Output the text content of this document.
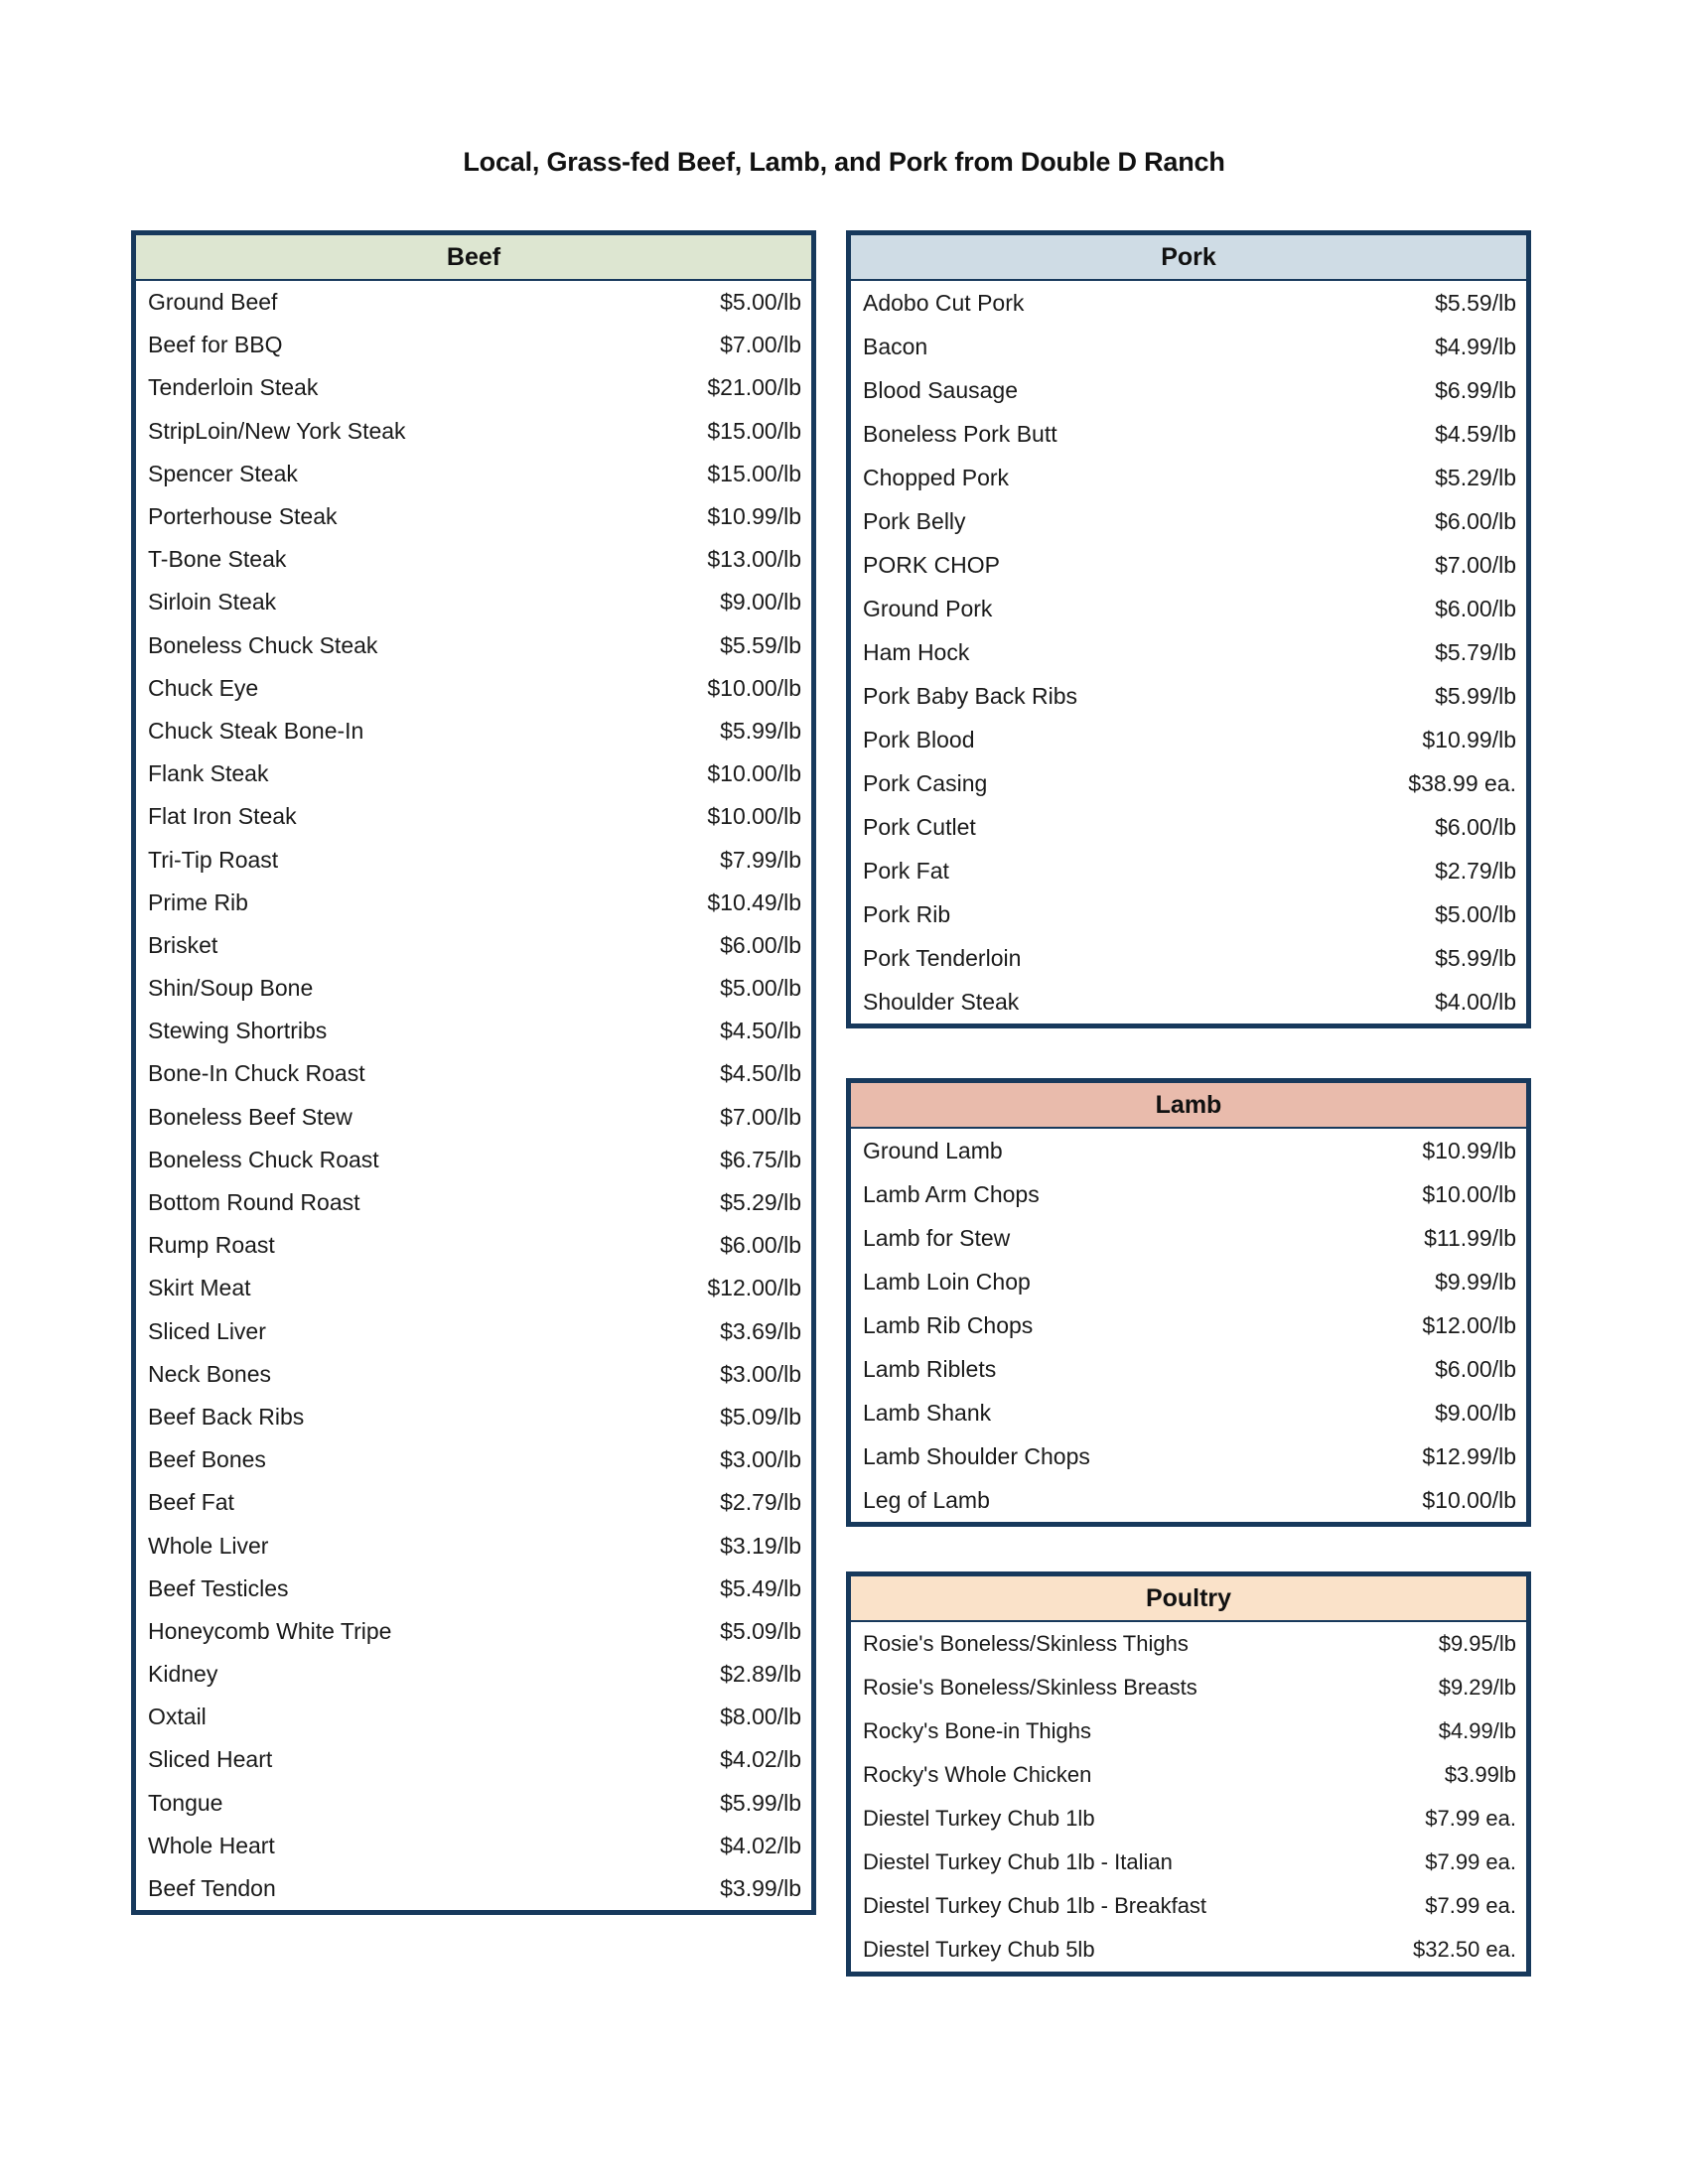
Local, Grass-fed Beef, Lamb, and Pork from Double D Ranch
Beef
Ground Beef	$5.00/lb
Beef for BBQ	$7.00/lb
Tenderloin Steak	$21.00/lb
StripLoin/New York Steak	$15.00/lb
Spencer Steak	$15.00/lb
Porterhouse Steak	$10.99/lb
T-Bone Steak	$13.00/lb
Sirloin Steak	$9.00/lb
Boneless Chuck Steak	$5.59/lb
Chuck Eye	$10.00/lb
Chuck Steak Bone-In	$5.99/lb
Flank Steak	$10.00/lb
Flat Iron Steak	$10.00/lb
Tri-Tip Roast	$7.99/lb
Prime Rib	$10.49/lb
Brisket	$6.00/lb
Shin/Soup Bone	$5.00/lb
Stewing Shortribs	$4.50/lb
Bone-In Chuck Roast	$4.50/lb
Boneless Beef Stew	$7.00/lb
Boneless Chuck Roast	$6.75/lb
Bottom Round Roast	$5.29/lb
Rump Roast	$6.00/lb
Skirt Meat	$12.00/lb
Sliced Liver	$3.69/lb
Neck Bones	$3.00/lb
Beef Back Ribs	$5.09/lb
Beef Bones	$3.00/lb
Beef Fat	$2.79/lb
Whole Liver	$3.19/lb
Beef Testicles	$5.49/lb
Honeycomb White Tripe	$5.09/lb
Kidney	$2.89/lb
Oxtail	$8.00/lb
Sliced Heart	$4.02/lb
Tongue	$5.99/lb
Whole Heart	$4.02/lb
Beef Tendon	$3.99/lb
Pork
Adobo Cut Pork	$5.59/lb
Bacon	$4.99/lb
Blood Sausage	$6.99/lb
Boneless Pork Butt	$4.59/lb
Chopped Pork	$5.29/lb
Pork Belly	$6.00/lb
PORK CHOP	$7.00/lb
Ground Pork	$6.00/lb
Ham Hock	$5.79/lb
Pork Baby Back Ribs	$5.99/lb
Pork Blood	$10.99/lb
Pork Casing	$38.99 ea.
Pork Cutlet	$6.00/lb
Pork Fat	$2.79/lb
Pork Rib	$5.00/lb
Pork Tenderloin	$5.99/lb
Shoulder Steak	$4.00/lb
Lamb
Ground Lamb	$10.99/lb
Lamb Arm Chops	$10.00/lb
Lamb for Stew	$11.99/lb
Lamb Loin Chop	$9.99/lb
Lamb Rib Chops	$12.00/lb
Lamb Riblets	$6.00/lb
Lamb Shank	$9.00/lb
Lamb Shoulder Chops	$12.99/lb
Leg of Lamb	$10.00/lb
Poultry
Rosie's Boneless/Skinless Thighs	$9.95/lb
Rosie's Boneless/Skinless Breasts	$9.29/lb
Rocky's Bone-in Thighs	$4.99/lb
Rocky's Whole Chicken	$3.99lb
Diestel Turkey Chub 1lb	$7.99 ea.
Diestel Turkey Chub 1lb - Italian	$7.99 ea.
Diestel Turkey Chub 1lb - Breakfast	$7.99 ea.
Diestel Turkey Chub 5lb	$32.50 ea.
